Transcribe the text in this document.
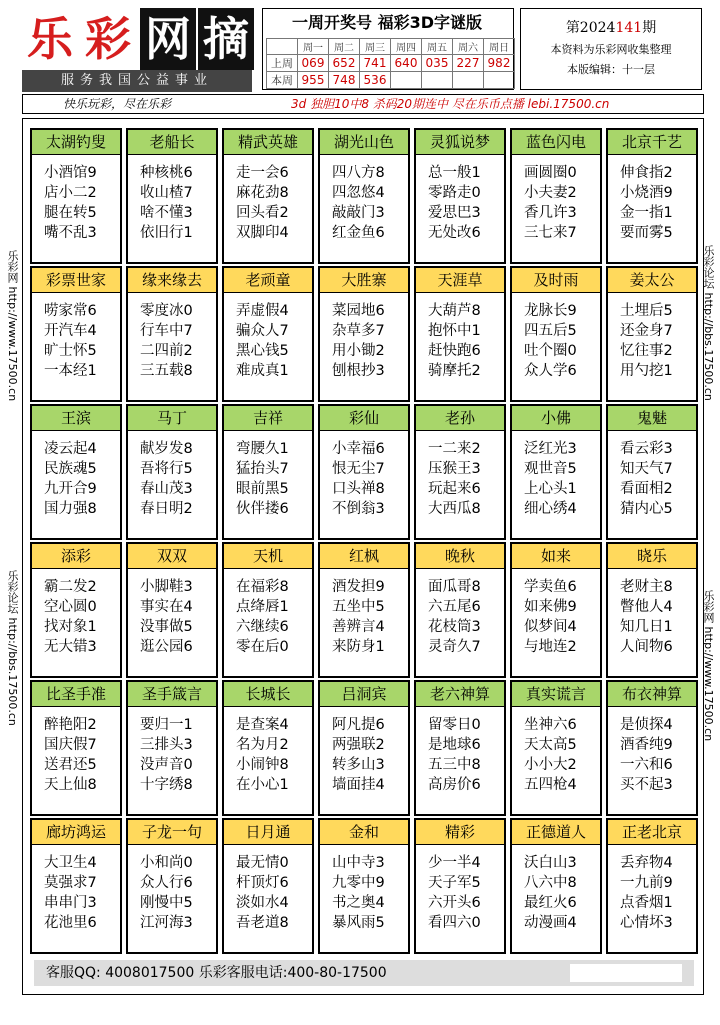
乐 彩 网 摘
服务我国公益事业
一周开奖号 福彩3D字谜版
	周一	周二	周三	周四	周五	周六	周日
上周	069	652	741	640	035	227	982
本周	955	748	536				
第2024141期
本资料为乐彩网收集整理
本版编辑：十一层
快乐玩彩，尽在乐彩	3d 独胆10中8 杀码20期连中 尽在乐币点播 lebi.17500.cn
乐彩网 http://www.17500.cn
乐彩论坛 http://bbs.17500.cn
乐彩论坛 http://bbs.17500.cn
乐彩网 http://www.17500.cn
太湖钓叟
小酒馆9
店小二2
腿在转5
嘴不乱3
老船长
种核桃6
收山楂7
啥不懂3
依旧行1
精武英雄
走一会6
麻花劲8
回头看2
双脚印4
湖光山色
四八方8
四忽悠4
敲敲门3
红金鱼6
灵狐说梦
总一般1
零路走0
爱思巴3
无处改6
蓝色闪电
画圆圈0
小夫妻2
香几许3
三七来7
北京千艺
伸食指2
小烧酒9
金一指1
要而雾5
彩票世家
唠家常6
开汽车4
旷士怀5
一本经1
缘来缘去
零度冰0
行车中7
二四前2
三五载8
老顽童
弄虚假4
骗众人7
黑心钱5
难成真1
大胜寨
菜园地6
杂草多7
用小锄2
刨根抄3
天涯草
大葫芦8
抱怀中1
赶快跑6
骑摩托2
及时雨
龙脉长9
四五后5
吐个圈0
众人学6
姜太公
土埋后5
还金身7
忆往事2
用勺挖1
王滨
凌云起4
民族魂5
九开合9
国力强8
马丁
献岁发8
吾将行5
春山茂3
春日明2
吉祥
弯腰久1
猛抬头7
眼前黑5
伙伴搂6
彩仙
小幸福6
恨无尘7
口头禅8
不倒翁3
老孙
一二来2
压猴王3
玩起来6
大西瓜8
小佛
泛红光3
观世音5
上心头1
细心绣4
鬼魅
看云彩3
知天气7
看面相2
猜内心5
添彩
霸二发2
空心圆0
找对象1
无大错3
双双
小脚鞋3
事实在4
没事做5
逛公园6
天机
在福彩8
点绛唇1
六继续6
零在后0
红枫
酒发担9
五坐中5
善辨言4
来防身1
晚秋
面瓜哥8
六五尾6
花枝筒3
灵奇久7
如来
学卖鱼6
如来佛9
似梦间4
与地连2
晓乐
老财主8
瞥他人4
知几日1
人间物6
比圣手准
醉艳阳2
国庆假7
送君还5
天上仙8
圣手箴言
要归一1
三排头3
没声音0
十字绣8
长城长
是查案4
名为月2
小闹钟8
在小心1
吕洞宾
阿凡提6
两强联2
转多山3
墙面挂4
老六神算
留零日0
是地球6
五三中8
高房价6
真实谎言
坐神六6
天太高5
小小大2
五四枪4
布衣神算
是侦探4
酒香纯9
一六和6
买不起3
廊坊鸿运
大卫生4
莫强求7
串串门3
花池里6
子龙一句
小和尚0
众人行6
刚慢中5
江河海3
日月通
最无情0
杆顶灯6
淡如水4
吾老道8
金和
山中寺3
九零中9
书之奥4
暴风雨5
精彩
少一半4
天子军5
六开头6
看四六0
正德道人
沃白山3
八六中8
最红火6
动漫画4
正老北京
丢弃物4
一九前9
点香烟1
心情坏3
客服QQ: 4008017500 乐彩客服电话:400-80-17500
